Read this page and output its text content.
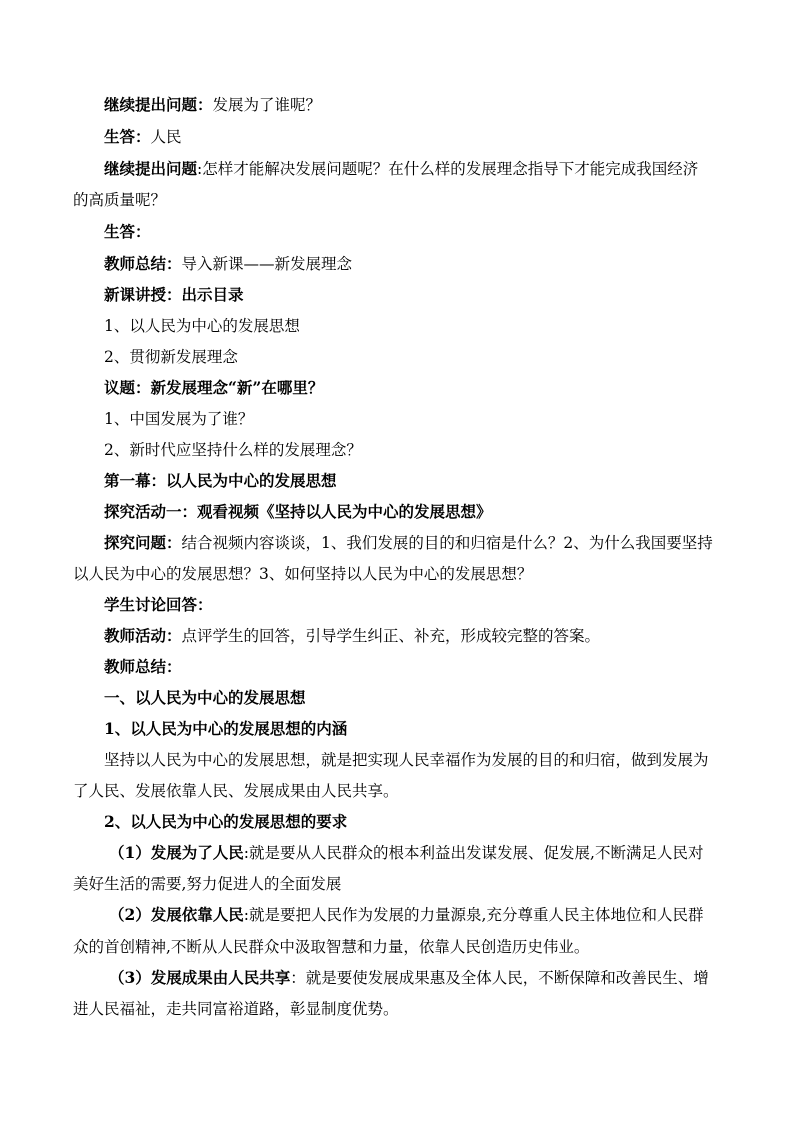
继续提出问题：发展为了谁呢？
生答：人民
继续提出问题:怎样才能解决发展问题呢？在什么样的发展理念指导下才能完成我国经济
的高质量呢？
生答：
教师总结：导入新课——新发展理念
新课讲授：出示目录
1、以人民为中心的发展思想
2、贯彻新发展理念
议题：新发展理念“新”在哪里？
1、中国发展为了谁？
2、新时代应坚持什么样的发展理念？
第一幕：以人民为中心的发展思想
探究活动一：观看视频《坚持以人民为中心的发展思想》
探究问题：结合视频内容谈谈，1、我们发展的目的和归宿是什么？2、为什么我国要坚持
以人民为中心的发展思想？3、如何坚持以人民为中心的发展思想？
学生讨论回答：
教师活动：点评学生的回答，引导学生纠正、补充，形成较完整的答案。
教师总结：
一、以人民为中心的发展思想
1、以人民为中心的发展思想的内涵
坚持以人民为中心的发展思想，就是把实现人民幸福作为发展的目的和归宿，做到发展为
了人民、发展依靠人民、发展成果由人民共享。
2、以人民为中心的发展思想的要求
（1）发展为了人民:就是要从人民群众的根本利益出发谋发展、促发展,不断满足人民对
美好生活的需要,努力促进人的全面发展
（2）发展依靠人民:就是要把人民作为发展的力量源泉,充分尊重人民主体地位和人民群
众的首创精神,不断从人民群众中汲取智慧和力量，依靠人民创造历史伟业。
（3）发展成果由人民共享：就是要使发展成果惠及全体人民，不断保障和改善民生、增
进人民福祉，走共同富裕道路，彰显制度优势。
